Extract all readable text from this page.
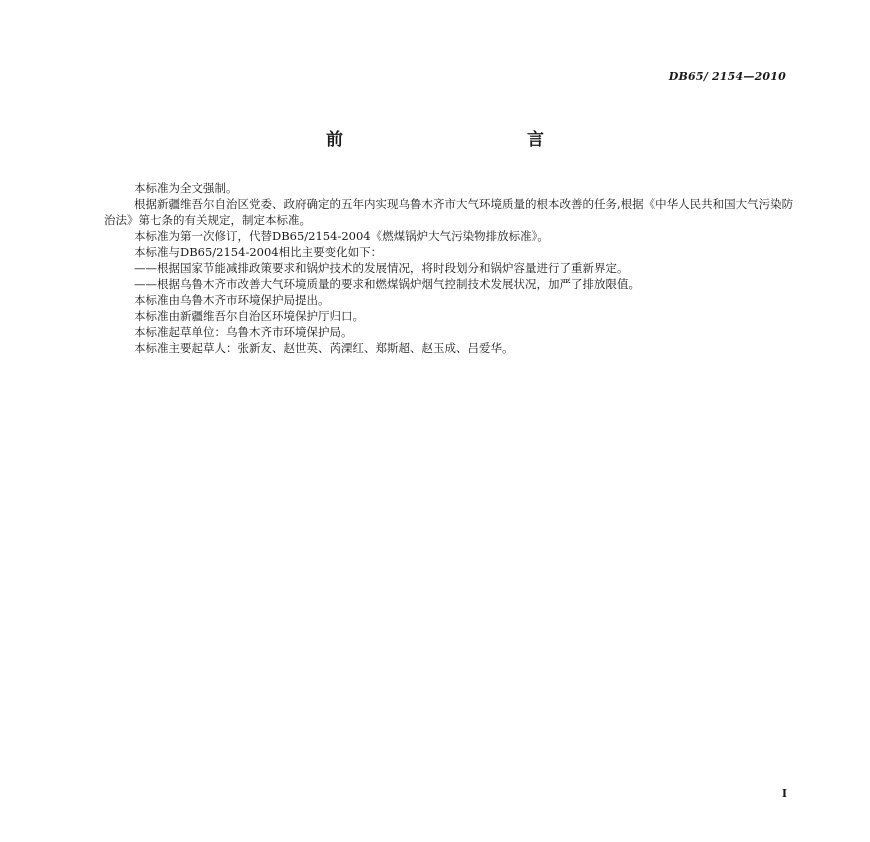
DB65/ 2154—2010
前　　言

本标准为全文强制。

根据新疆维吾尔自治区党委、政府确定的五年内实现乌鲁木齐市大气环境质量的根本改善的任务,根据《中华人民共和国大气污染防治法》第七条的有关规定，制定本标准。

本标准为第一次修订，代替DB65/2154-2004《燃煤锅炉大气污染物排放标准》。

本标准与DB65/2154-2004相比主要变化如下：

——根据国家节能减排政策要求和锅炉技术的发展情况，将时段划分和锅炉容量进行了重新界定。

——根据乌鲁木齐市改善大气环境质量的要求和燃煤锅炉烟气控制技术发展状况，加严了排放限值。

本标准由乌鲁木齐市环境保护局提出。

本标准由新疆维吾尔自治区环境保护厅归口。

本标准起草单位：乌鲁木齐市环境保护局。

本标准主要起草人：张新友、赵世英、芮溧红、郑斯超、赵玉成、吕爱华。

I
